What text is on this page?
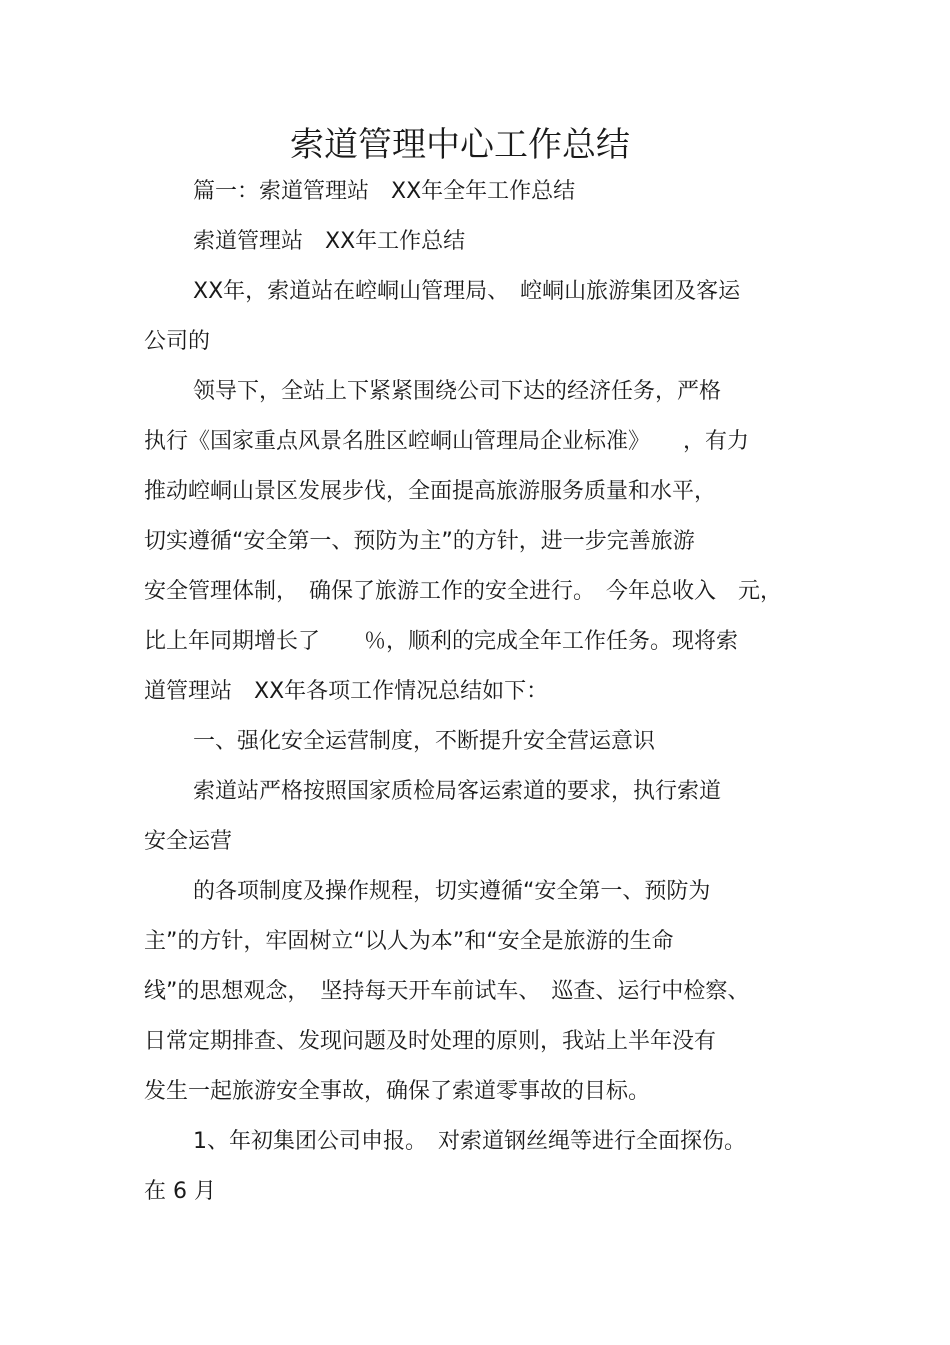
索道管理中心工作总结
篇一：索道管理站　XX年全年工作总结
索道管理站　XX年工作总结
XX年，索道站在崆峒山管理局、　崆峒山旅游集团及客运
公司的
领导下，全站上下紧紧围绕公司下达的经济任务，严格
执行《国家重点风景名胜区崆峒山管理局企业标准》　　，有力
推动崆峒山景区发展步伐，全面提高旅游服务质量和水平，
切实遵循“安全第一、预防为主”的方针，进一步完善旅游
安全管理体制，　确保了旅游工作的安全进行。　今年总收入　元，
比上年同期增长了　　％，顺利的完成全年工作任务。现将索
道管理站　XX年各项工作情况总结如下：
一、强化安全运营制度，不断提升安全营运意识
索道站严格按照国家质检局客运索道的要求，执行索道
安全运营
的各项制度及操作规程，切实遵循“安全第一、预防为
主”的方针，牢固树立“以人为本”和“安全是旅游的生命
线”的思想观念，　坚持每天开车前试车、　巡查、运行中检察、
日常定期排查、发现问题及时处理的原则，我站上半年没有
发生一起旅游安全事故，确保了索道零事故的目标。
1、年初集团公司申报。　对索道钢丝绳等进行全面探伤。
在 6 月
